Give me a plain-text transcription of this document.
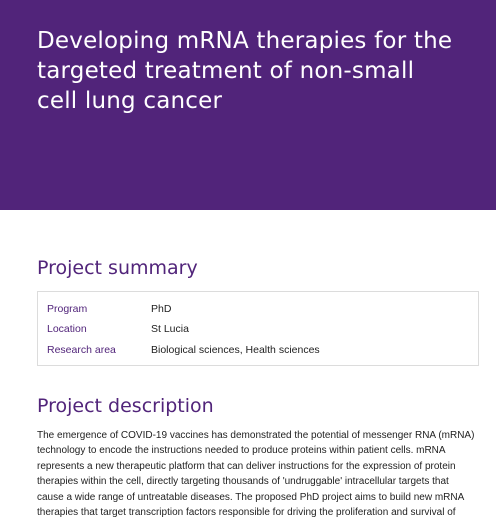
Developing mRNA therapies for the targeted treatment of non-small cell lung cancer
Project summary
Program	PhD
Location	St Lucia
Research area	Biological sciences, Health sciences
Project description

The emergence of COVID-19 vaccines has demonstrated the potential of messenger RNA (mRNA) technology to encode the instructions needed to produce proteins within patient cells. mRNA represents a new therapeutic platform that can deliver instructions for the expression of protein therapies within the cell, directly targeting thousands of 'undruggable' intracellular targets that cause a wide range of untreatable diseases. The proposed PhD project aims to build new mRNA therapies that target transcription factors responsible for driving the proliferation and survival of
